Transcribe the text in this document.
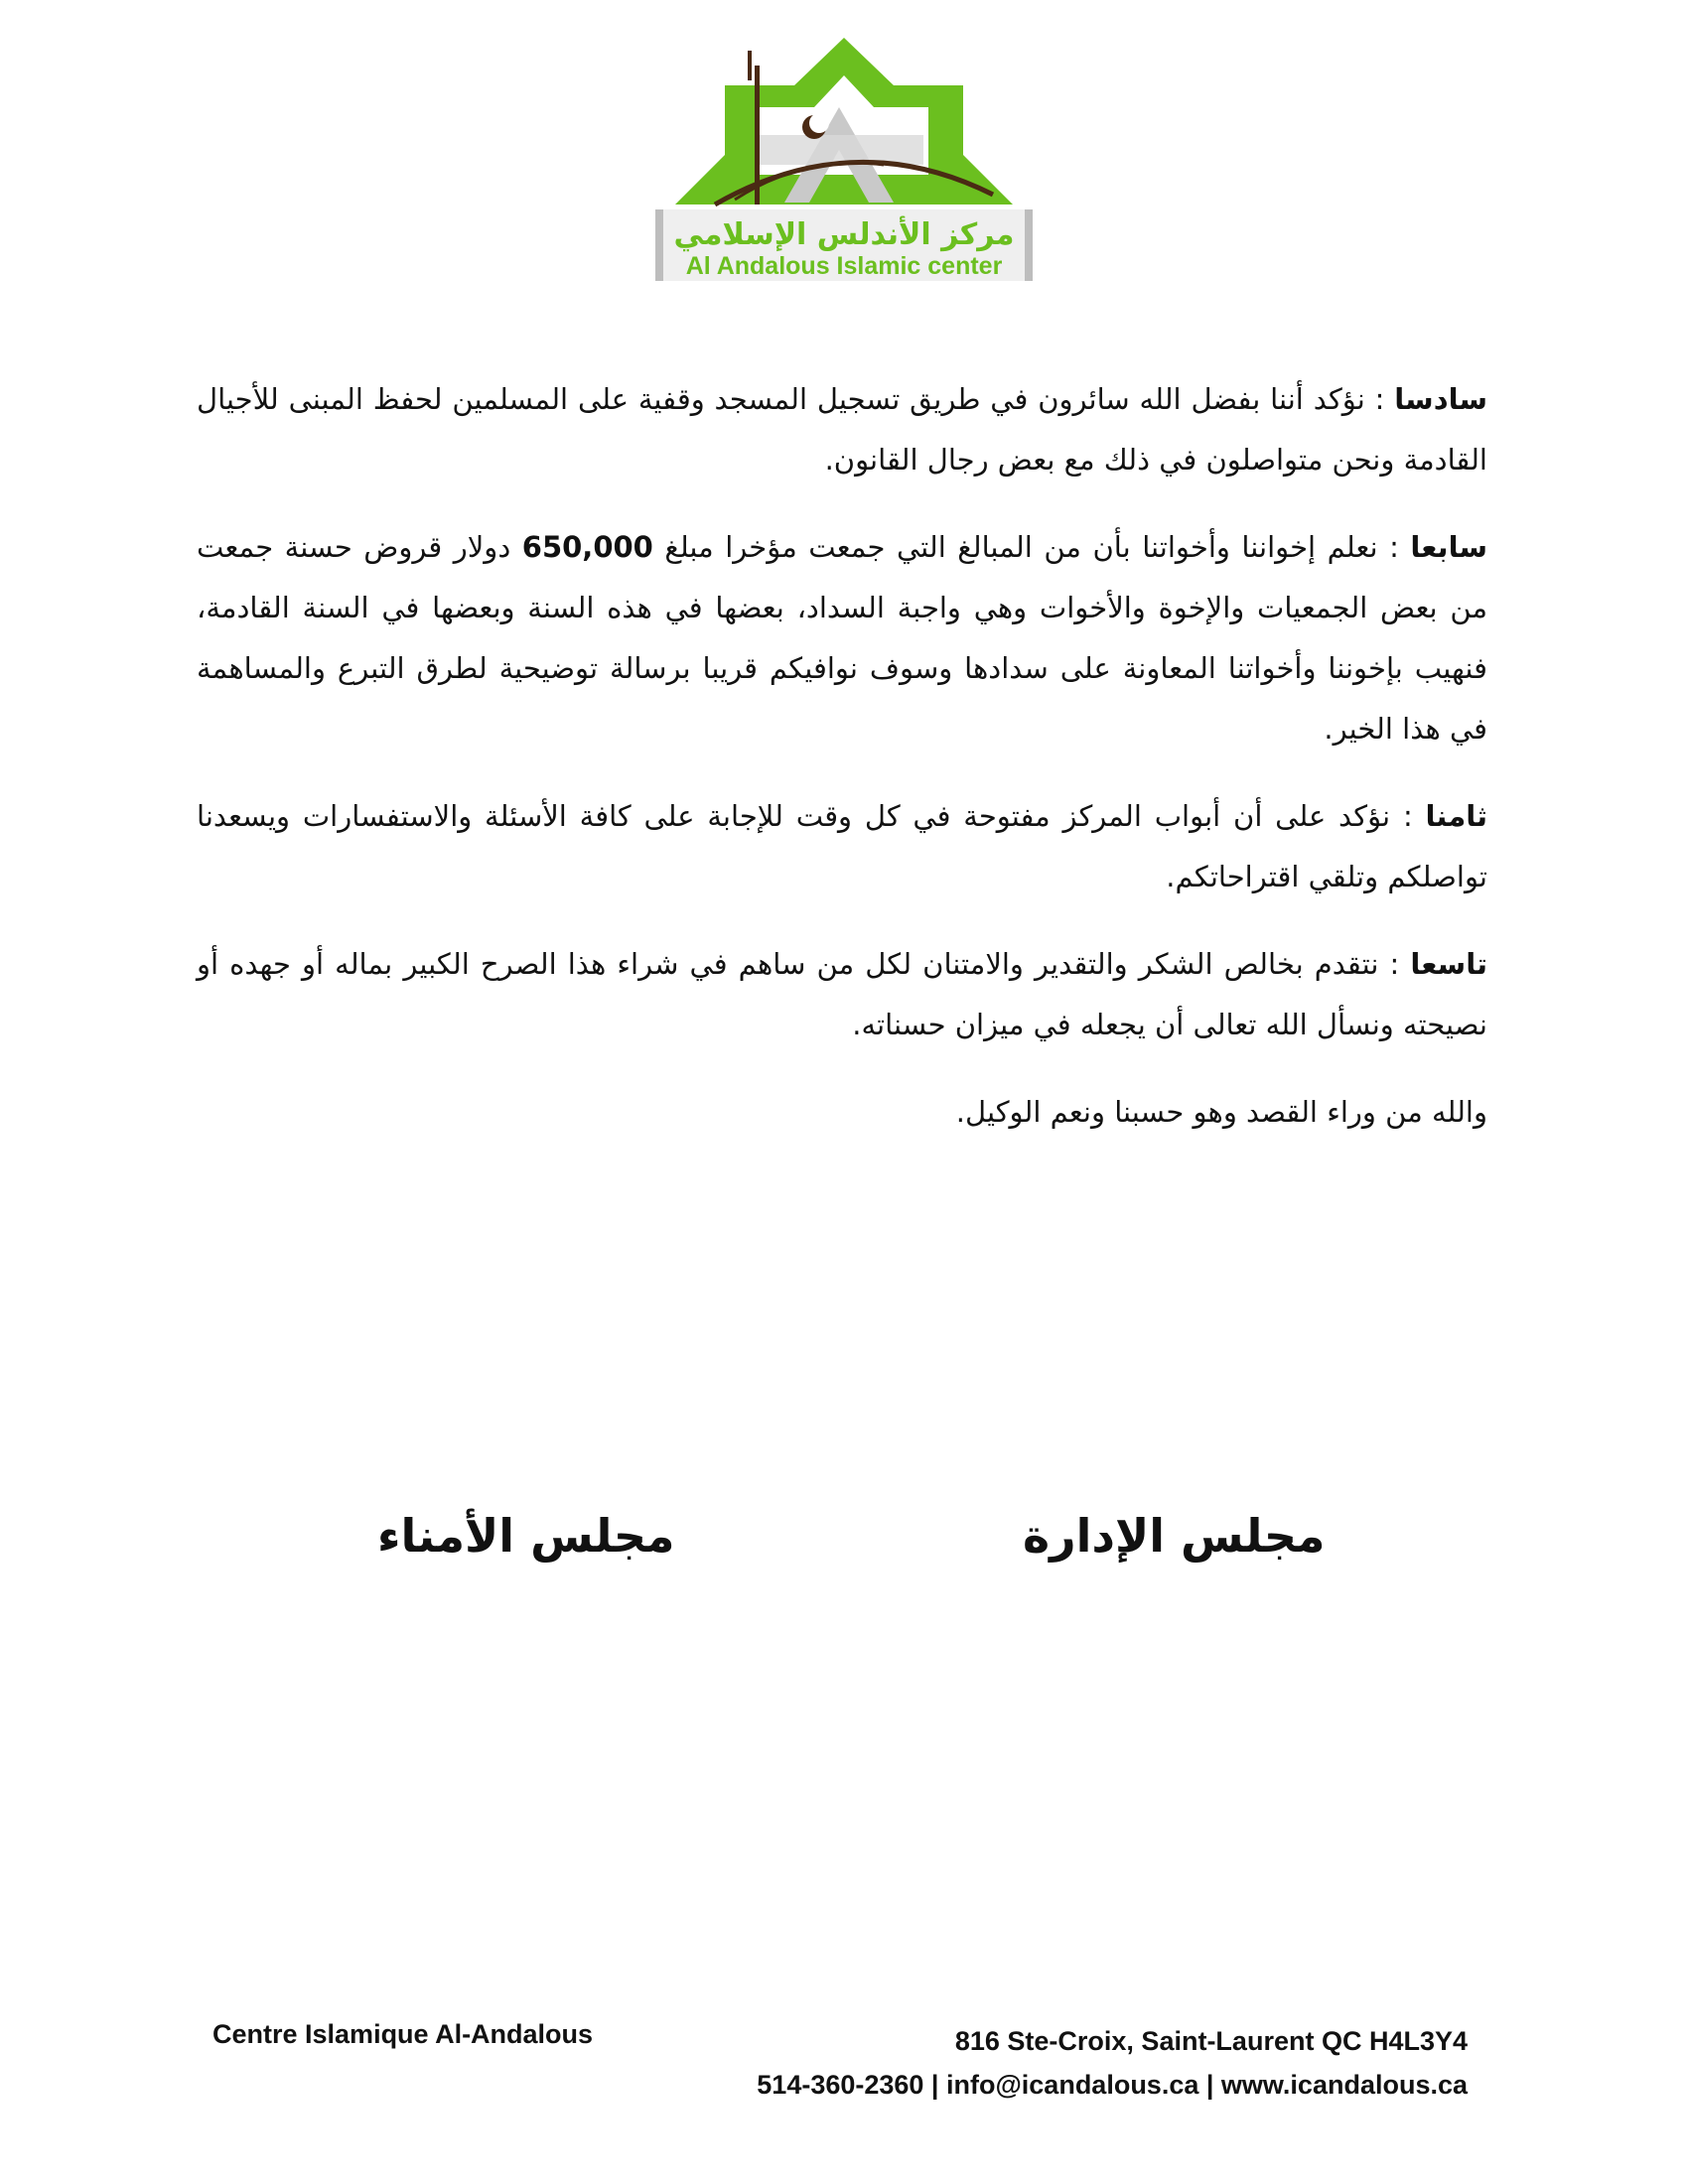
مركز الأندلس الإسلامي
Al Andalous Islamic center

سادسا : نؤكد أننا بفضل الله سائرون في طريق تسجيل المسجد وقفية على المسلمين لحفظ المبنى للأجيال القادمة ونحن متواصلون في ذلك مع بعض رجال القانون.

سابعا : نعلم إخواننا وأخواتنا بأن من المبالغ التي جمعت مؤخرا مبلغ 650,000 دولار قروض حسنة جمعت من بعض الجمعيات والإخوة والأخوات وهي واجبة السداد، بعضها في هذه السنة وبعضها في السنة القادمة، فنهيب بإخوننا وأخواتنا المعاونة على سدادها وسوف نوافيكم قريبا برسالة توضيحية لطرق التبرع والمساهمة في هذا الخير.

ثامنا : نؤكد على أن أبواب المركز مفتوحة في كل وقت للإجابة على كافة الأسئلة والاستفسارات ويسعدنا تواصلكم وتلقي اقتراحاتكم.

تاسعا : نتقدم بخالص الشكر والتقدير والامتنان لكل من ساهم في شراء هذا الصرح الكبير بماله أو جهده أو نصيحته ونسأل الله تعالى أن يجعله في ميزان حسناته.

والله من وراء القصد وهو حسبنا ونعم الوكيل.

مجلس الإدارة
مجلس الأمناء
Centre Islamique Al-Andalous	816 Ste-Croix, Saint-Laurent QC H4L3Y4
514-360-2360 | info@icandalous.ca | www.icandalous.ca
